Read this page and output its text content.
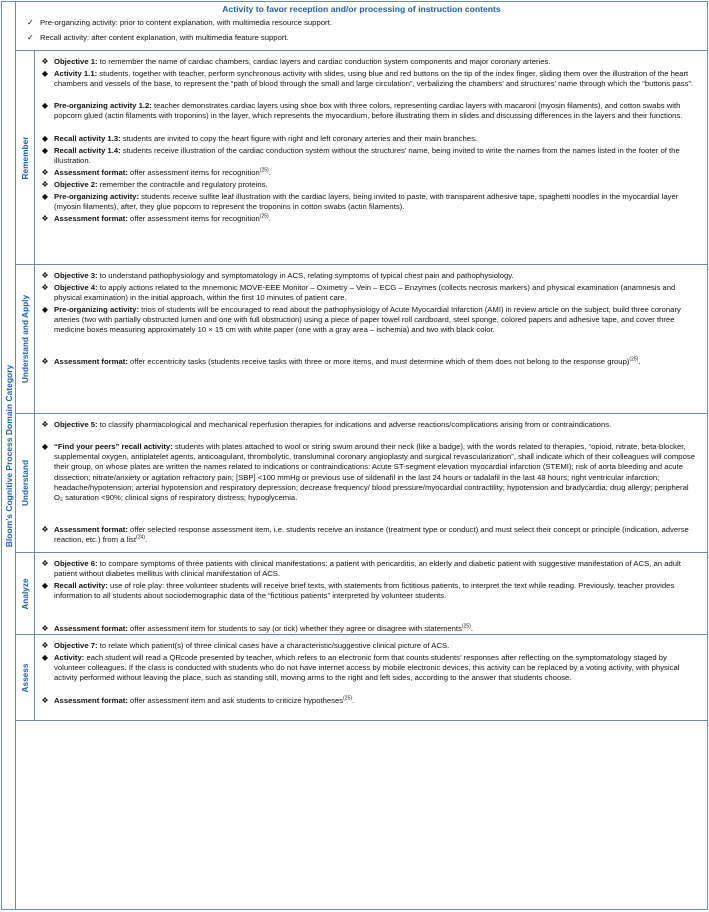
Bloom’s Cognitive Process Domain Category
Activity to favor reception and/or processing of instruction contents
✓ Pre-organizing activity: prior to content explanation, with multimedia resource support.
✓ Recall activity: after content explanation, with multimedia feature support.
Remember
❖ Objective 1: to remember the name of cardiac chambers, cardiac layers and cardiac conduction system components and major coronary arteries.
◆ Activity 1.1: students, together with teacher, perform synchronous activity with slides, using blue and red buttons on the tip of the index finger, sliding them over the illustration of the heart chambers and vessels of the base, to represent the “path of blood through the small and large circulation”, verbalizing the chambers’ and structures’ name through which the “buttons pass”.
◆ Pre-organizing activity 1.2: teacher demonstrates cardiac layers using shoe box with three colors, representing cardiac layers with macaroni (myosin filaments), and cotton swabs with popcorn glued (actin filaments with troponins) in the layer, which represents the myocardium, before illustrating them in slides and discussing differences in the layers and their functions.
◆ Recall activity 1.3: students are invited to copy the heart figure with right and left coronary arteries and their main branches.
◆ Recall activity 1.4: students receive illustration of the cardiac conduction system without the structures’ name, being invited to write the names from the names listed in the footer of the illustration.
❖ Assessment format: offer assessment items for recognition$^{(25)}$.
❖ Objective 2: remember the contractile and regulatory proteins.
◆ Pre-organizing activity: students receive sulfite leaf illustration with the cardiac layers, being invited to paste, with transparent adhesive tape, spaghetti noodles in the myocardial layer (myosin filaments), after, they glue popcorn to represent the troponins in cotton swabs (actin filaments).
❖ Assessment format: offer assessment items for recognition$^{(25)}$.
Understand and Apply
❖ Objective 3: to understand pathophysiology and symptomatology in ACS, relating symptoms of typical chest pain and pathophysiology.
❖ Objective 4: to apply actions related to the mnemonic MOVE-EEE Monitor – Oximetry – Vein – ECG – Enzymes (collects necrosis markers) and physical examination (anamnesis and physical examination) in the initial approach, within the first 10 minutes of patient care.
◆ Pre-organizing activity: trios of students will be encouraged to read about the pathophysiology of Acute Myocardial Infarction (AMI) in review article on the subject, build three coronary arteries (two with partially obstructed lumen and one with full obstruction) using a piece of paper towel roll cardboard, steel sponge, colored papers and adhesive tape, and cover three medicine boxes measuring approximately 10 × 15 cm with white paper (one with a gray area – ischemia) and two with black color.
❖ Assessment format: offer eccentricity tasks (students receive tasks with three or more items, and must determine which of them does not belong to the response group)$^{(25)}$.
Understand
❖ Objective 5: to classify pharmacological and mechanical reperfusion therapies for indications and adverse reactions/complications arising from or contraindications.
◆ “Find your peers” recall activity: students with plates attached to wool or string swum around their neck (like a badge), with the words related to therapies, “opioid, nitrate, beta-blocker, supplemental oxygen, antiplatelet agents, anticoagulant, thrombolytic, transluminal coronary angioplasty and surgical revascularization”, shall indicate which of their colleagues will compose their group, on whose plates are written the names related to indications or contraindications: Acute ST-segment elevation myocardial infarction (STEMI); risk of aorta bleeding and acute dissection; nitrate/anxiety or agitation refractory pain; [SBP] <100 mmHg or previous use of sildenafil in the last 24 hours or tadalafil in the last 48 hours; right ventricular infarction; headache/hypotension; arterial hypotension and respiratory depression; decrease frequency/ blood pressure/myocardial contractility; hypotension and bradycardia; drug allergy; peripheral O₂ saturation <90%; clinical signs of respiratory distress; hypoglycemia.
❖ Assessment format: offer selected response assessment item, i.e. students receive an instance (treatment type or conduct) and must select their concept or principle (indication, adverse reaction, etc.) from a list$^{(24)}$.
Analyze
❖ Objective 6: to compare symptoms of three patients with clinical manifestations: a patient with pericarditis, an elderly and diabetic patient with suggestive manifestation of ACS, an adult patient without diabetes mellitus with clinical manifestation of ACS.
◆ Recall activity: use of role play: three volunteer students will receive brief texts, with statements from fictitious patients, to interpret the text while reading. Previously, teacher provides information to all students about sociodemographic data of the “fictitious patients” interpreted by volunteer students.
❖ Assessment format: offer assessment item for students to say (or tick) whether they agree or disagree with statements$^{(25)}$.
Assess
❖ Objective 7: to relate which patient(s) of three clinical cases have a characteristic/suggestive clinical picture of ACS.
◆ Activity: each student will read a QRcode presented by teacher, which refers to an electronic form that counts students’ responses after reflecting on the symptomatology staged by volunteer colleagues. If the class is conducted with students who do not have internet access by mobile electronic devices, this activity can be replaced by a voting activity, with physical activity performed without leaving the place, such as standing still, moving arms to the right and left sides, according to the answer that students choose.
❖ Assessment format: offer assessment item and ask students to criticize hypotheses$^{(25)}$.
